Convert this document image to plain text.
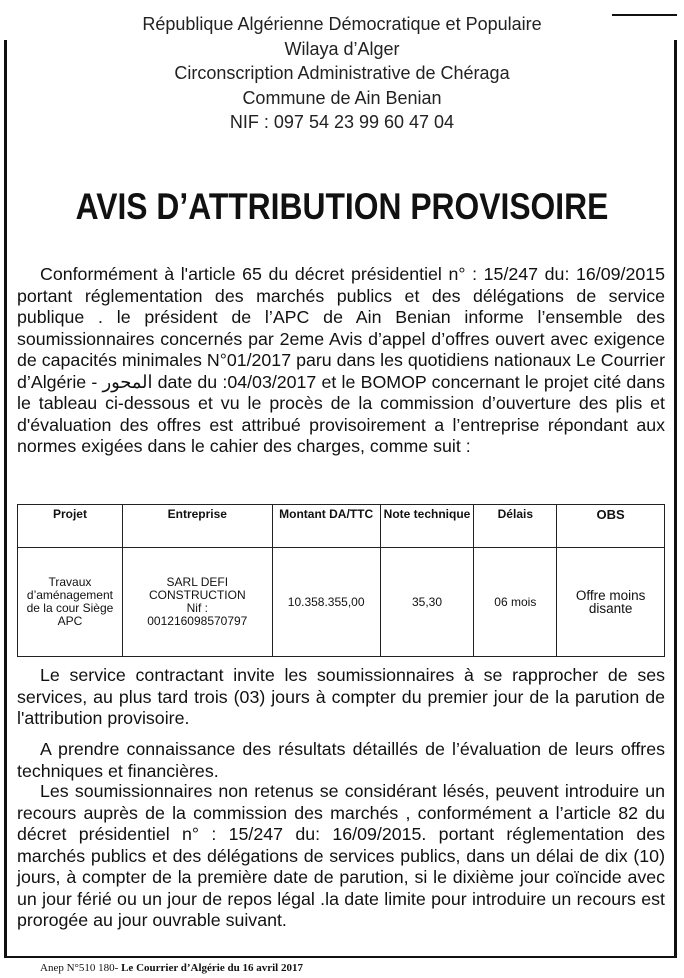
République Algérienne Démocratique et Populaire
Wilaya d’Alger
Circonscription Administrative de Chéraga
Commune de Ain Benian
NIF : 097 54 23 99 60 47 04
AVIS D’ATTRIBUTION PROVISOIRE
Conformément à l'article 65 du décret présidentiel n° : 15/247 du: 16/09/2015 portant réglementation des marchés publics et des délégations de service publique . le président de l’APC de Ain Benian informe l’ensemble des soumissionnaires concernés par 2eme Avis d’appel d’offres ouvert avec exigence de capacités minimales N°01/2017 paru dans les quotidiens nationaux Le Courrier d’Algérie - المحور date du :04/03/2017 et le BOMOP concernant le projet cité dans le tableau ci-dessous et vu le procès de la commission d’ouverture des plis et d'évaluation des offres est attribué provisoirement a l’entreprise répondant aux normes exigées dans le cahier des charges, comme suit :
Projet	Entreprise	Montant DA/TTC	Note technique	Délais	OBS
Travaux d’aménagement de la cour Siège APC	SARL DEFI CONSTRUCTION
Nif :
001216098570797	10.358.355,00	35,30	06 mois	Offre moins disante
Le service contractant invite les soumissionnaires à se rapprocher de ses services, au plus tard trois (03) jours à compter du premier jour de la parution de l'attribution provisoire.
A prendre connaissance des résultats détaillés de l’évaluation de leurs offres techniques et financières.
Les soumissionnaires non retenus se considérant lésés, peuvent introduire un recours auprès de la commission des marchés , conformément a l’article 82 du décret présidentiel n° : 15/247 du: 16/09/2015. portant réglementation des marchés publics et des délégations de services publics, dans un délai de dix (10) jours, à compter de la première date de parution, si le dixième jour coïncide avec un jour férié ou un jour de repos légal .la date limite pour introduire un recours est prorogée au jour ouvrable suivant.
Anep N°510 180- Le Courrier d’Algérie du 16 avril 2017
